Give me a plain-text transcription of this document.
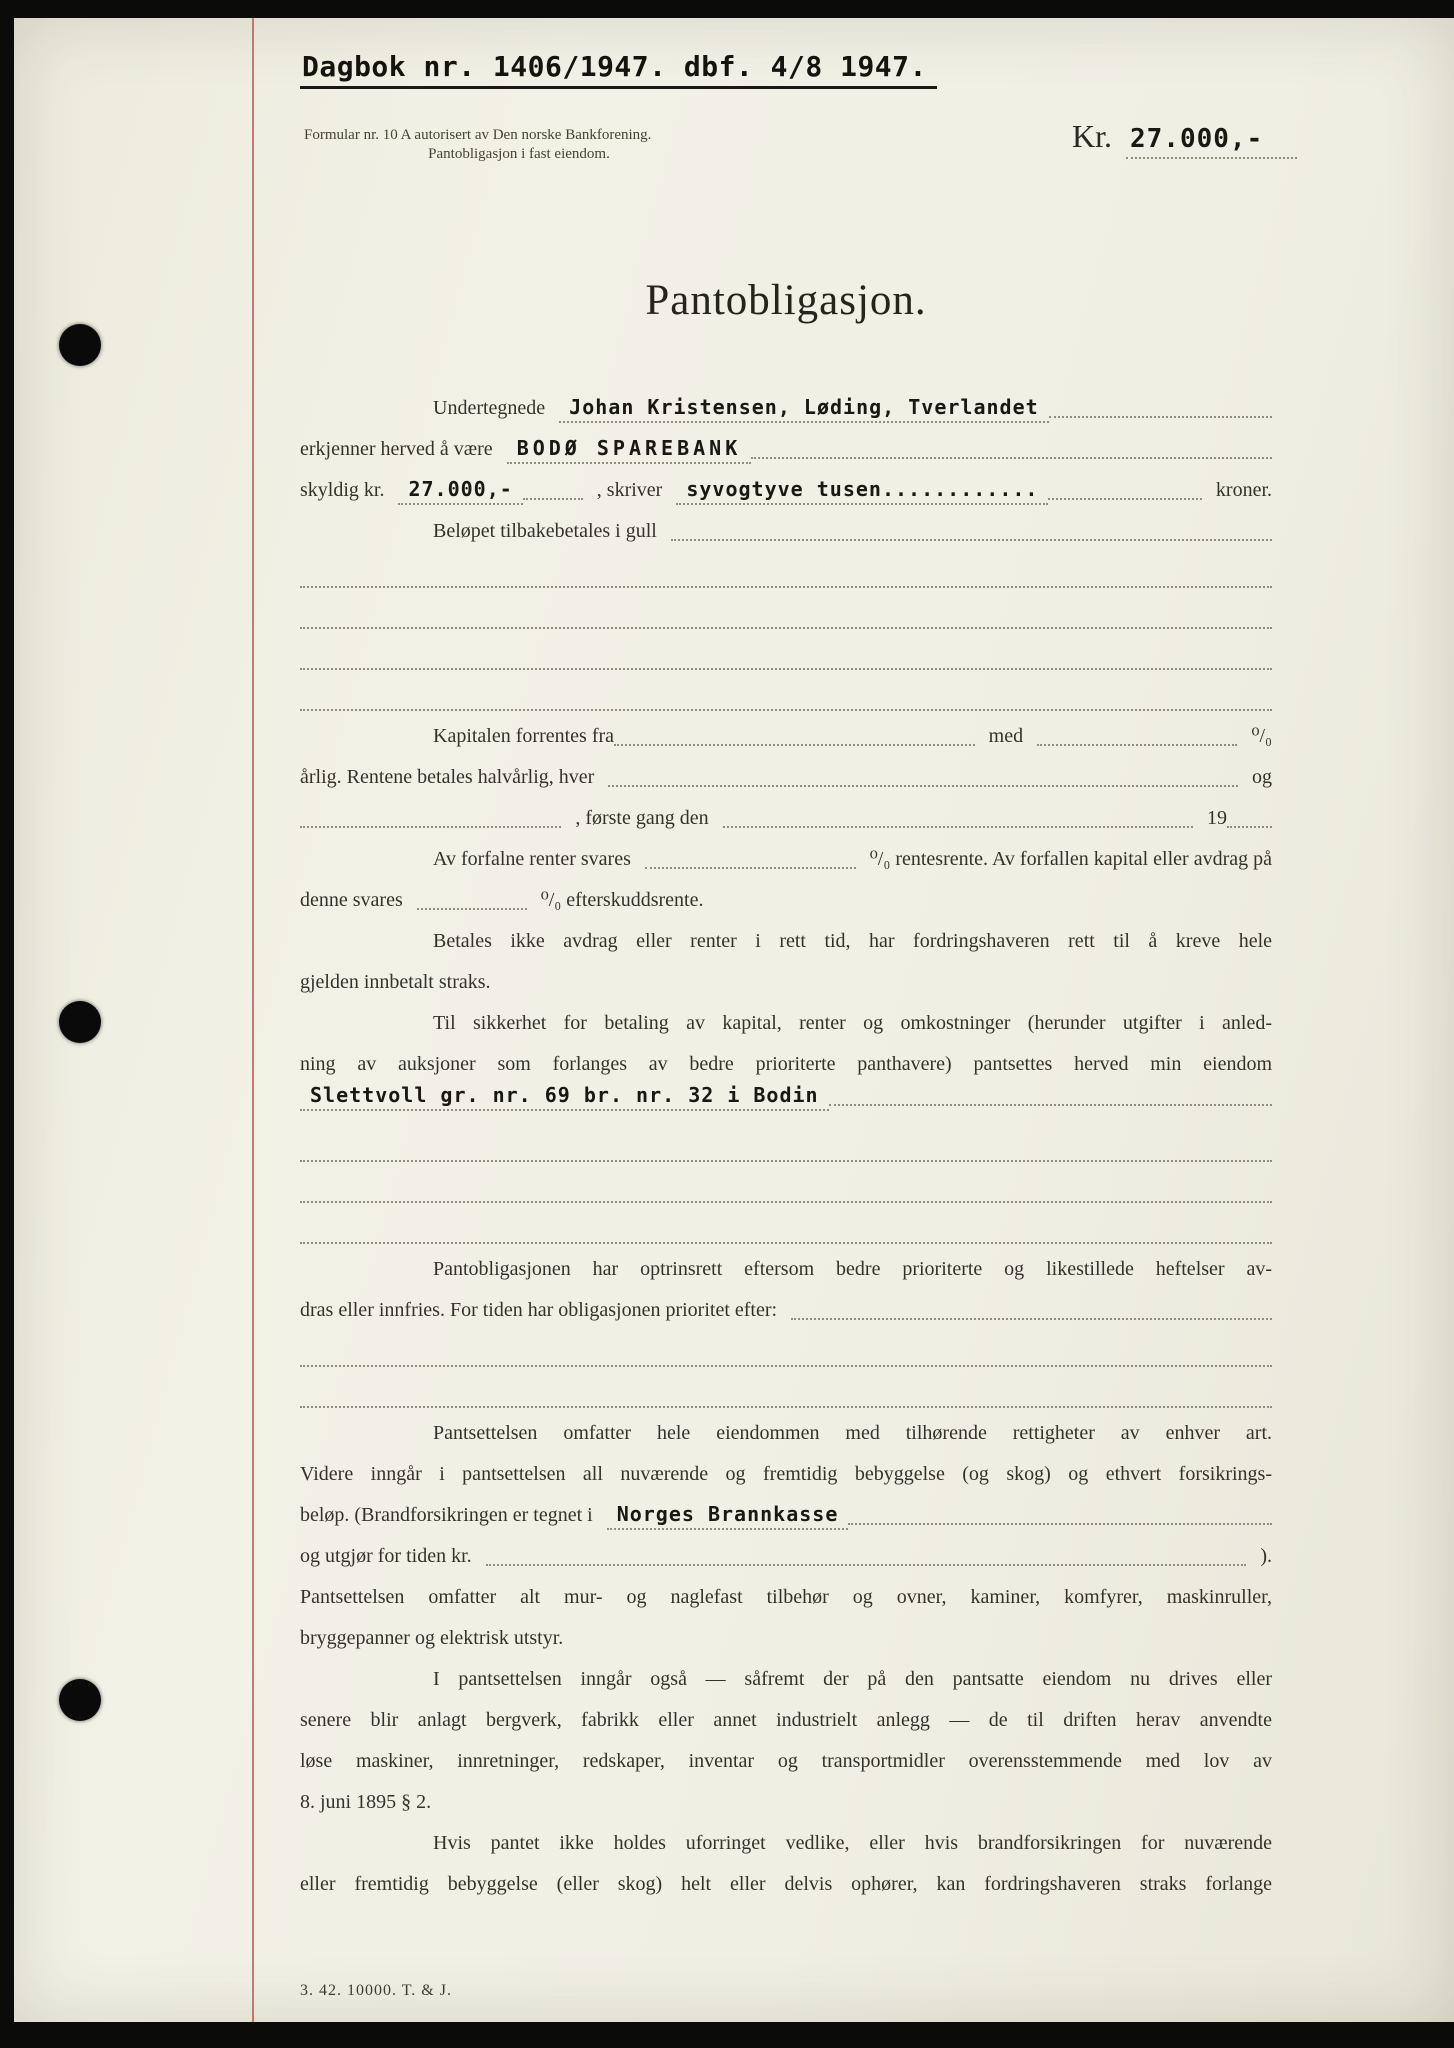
Dagbok nr. 1406/1947. dbf. 4/8 1947.
Formular nr. 10 A autorisert av Den norske Bankforening.
Pantobligasjon i fast eiendom.	Kr. 27.000,-
Pantobligasjon.
Undertegnede	Johan Kristensen, Løding, Tverlandet
erkjenner herved å være	BODØ SPAREBANK
skyldig kr.	27.000,-	, skriver	syvogtyve tusen............	kroner.
Beløpet tilbakebetales i gull
Kapitalen forrentes fra	med	⁰/₀
årlig. Rentene betales halvårlig, hver	og
, første gang den	19
Av forfalne renter svares	⁰/₀ rentesrente. Av forfallen kapital eller avdrag på
denne svares	⁰/₀ efterskuddsrente.
Betales ikke avdrag eller renter i rett tid, har fordringshaveren rett til å kreve hele
gjelden innbetalt straks.
Til sikkerhet for betaling av kapital, renter og omkostninger (herunder utgifter i anled-
ning av auksjoner som forlanges av bedre prioriterte panthavere) pantsettes herved min eiendom
Slettvoll gr. nr. 69 br. nr. 32 i Bodin
Pantobligasjonen har optrinsrett eftersom bedre prioriterte og likestillede heftelser av-
dras eller innfries. For tiden har obligasjonen prioritet efter:
Pantsettelsen omfatter hele eiendommen med tilhørende rettigheter av enhver art.
Videre inngår i pantsettelsen all nuværende og fremtidig bebyggelse (og skog) og ethvert forsikrings-
beløp. (Brandforsikringen er tegnet i	Norges Brannkasse
og utgjør for tiden kr.	).
Pantsettelsen omfatter alt mur- og naglefast tilbehør og ovner, kaminer, komfyrer, maskinruller,
bryggepanner og elektrisk utstyr.
I pantsettelsen inngår også — såfremt der på den pantsatte eiendom nu drives eller
senere blir anlagt bergverk, fabrikk eller annet industrielt anlegg — de til driften herav anvendte
løse maskiner, innretninger, redskaper, inventar og transportmidler overensstemmende med lov av
8. juni 1895 § 2.
Hvis pantet ikke holdes uforringet vedlike, eller hvis brandforsikringen for nuværende
eller fremtidig bebyggelse (eller skog) helt eller delvis ophører, kan fordringshaveren straks forlange
3. 42. 10000. T. & J.
